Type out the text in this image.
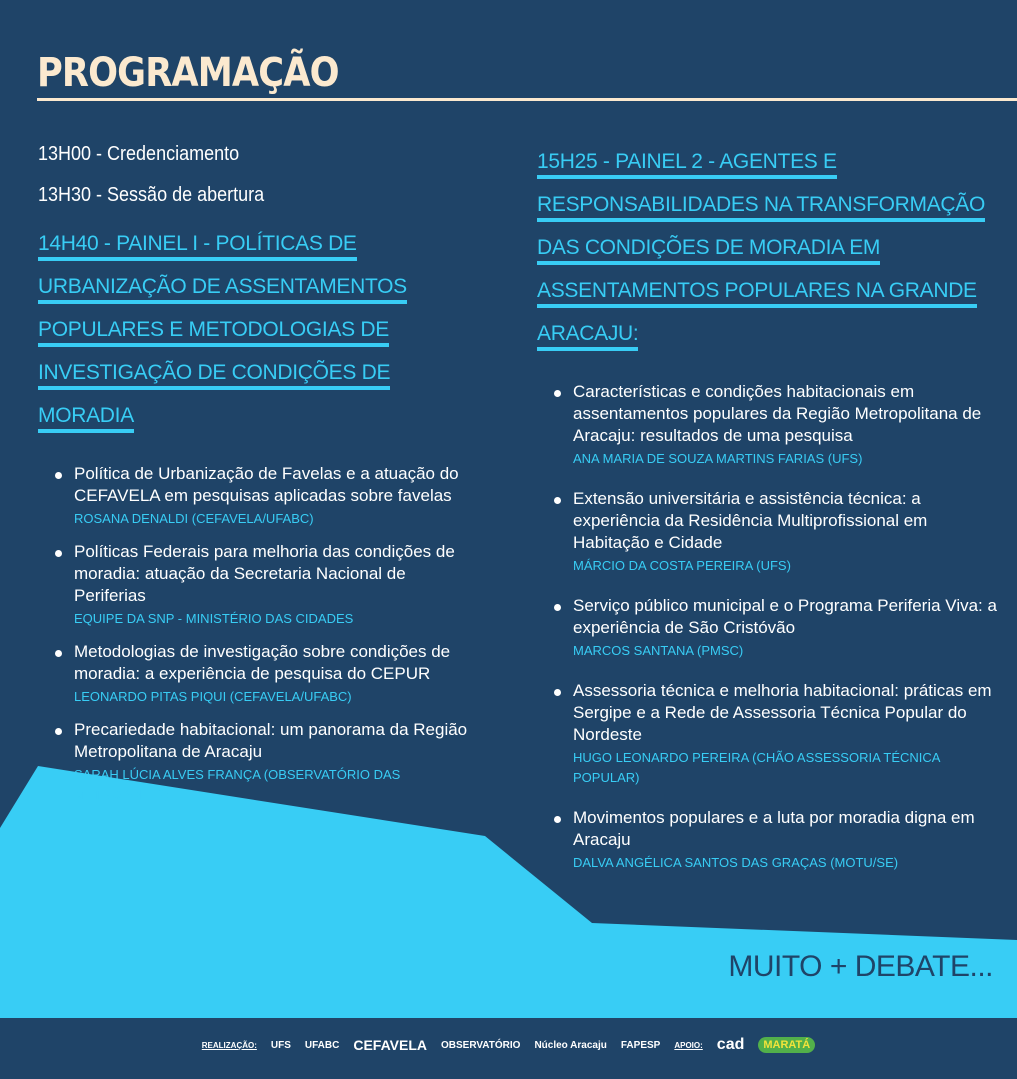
PROGRAMAÇÃO

13H00 - Credenciamento

13H30 - Sessão de abertura

14H40 - PAINEL I - POLÍTICAS DE URBANIZAÇÃO DE ASSENTAMENTOS POPULARES E METODOLOGIAS DE INVESTIGAÇÃO DE CONDIÇÕES DE MORADIA
Política de Urbanização de Favelas e a atuação do CEFAVELA em pesquisas aplicadas sobre favelas
ROSANA DENALDI (CEFAVELA/UFABC)
Políticas Federais para melhoria das condições de moradia: atuação da Secretaria Nacional de Periferias
EQUIPE DA SNP - MINISTÉRIO DAS CIDADES
Metodologias de investigação sobre condições de moradia: a experiência de pesquisa do CEPUR
LEONARDO PITAS PIQUI (CEFAVELA/UFABC)
Precariedade habitacional: um panorama da Região Metropolitana de Aracaju
SARAH LÚCIA ALVES FRANÇA (OBSERVATÓRIO DAS METRÓPOLES)
15H25 - PAINEL 2 - AGENTES E RESPONSABILIDADES NA TRANSFORMAÇÃO DAS CONDIÇÕES DE MORADIA EM ASSENTAMENTOS POPULARES NA GRANDE ARACAJU:
Características e condições habitacionais em assentamentos populares da Região Metropolitana de Aracaju: resultados de uma pesquisa
ANA MARIA DE SOUZA MARTINS FARIAS (UFS)
Extensão universitária e assistência técnica: a experiência da Residência Multiprofissional em Habitação e Cidade
MÁRCIO DA COSTA PEREIRA (UFS)
Serviço público municipal e o Programa Periferia Viva: a experiência de São Cristóvão
MARCOS SANTANA (PMSC)
Assessoria técnica e melhoria habitacional: práticas em Sergipe e a Rede de Assessoria Técnica Popular do Nordeste
HUGO LEONARDO PEREIRA (CHÃO ASSESSORIA TÉCNICA POPULAR)
Movimentos populares e a luta por moradia digna em Aracaju
DALVA ANGÉLICA SANTOS DAS GRAÇAS (MOTU/SE)

MUITO + DEBATE...

REALIZAÇÃO: UFS UFABC CEFAVELA OBSERVATÓRIO Núcleo Aracaju FAPESP APOIO: cad	MARATÁ
